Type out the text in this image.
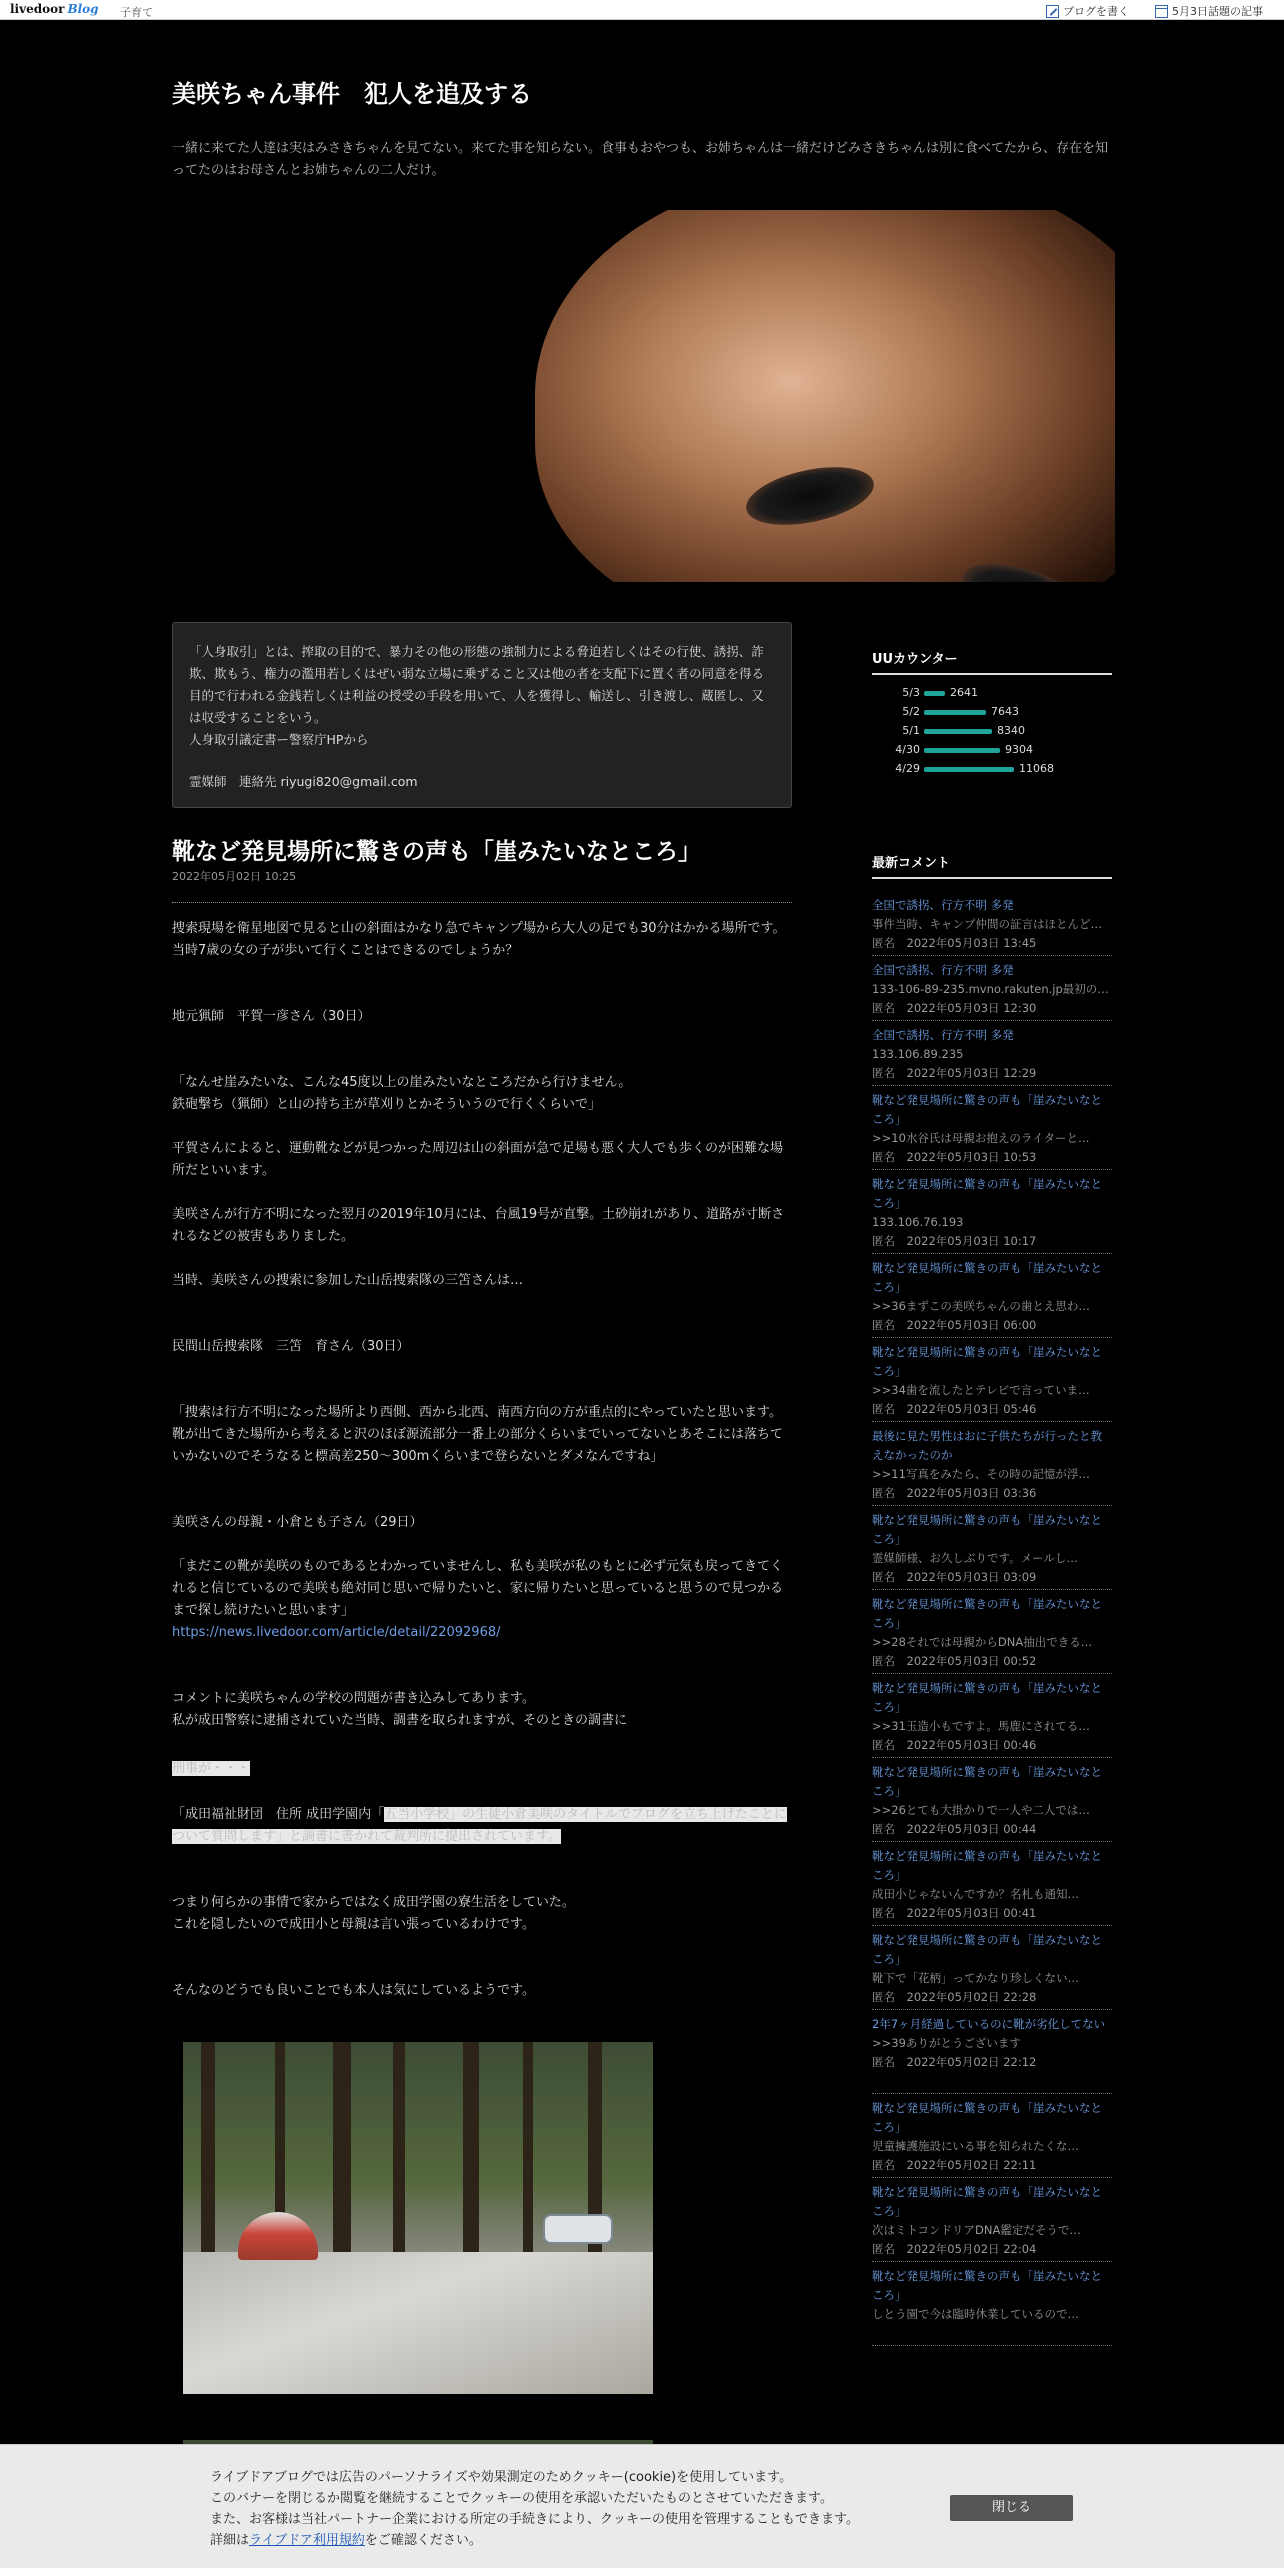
livedoor Blog 子育て	ブログを書く	5月3日話題の記事
美咲ちゃん事件　犯人を追及する
一緒に来てた人達は実はみさきちゃんを見てない。来てた事を知らない。食事もおやつも、お姉ちゃんは一緒だけどみさきちゃんは別に食べてたから、存在を知ってたのはお母さんとお姉ちゃんの二人だけ。

「人身取引」とは、搾取の目的で、暴力その他の形態の強制力による脅迫若しくはその行使、誘拐、詐欺、欺もう、権力の濫用若しくはぜい弱な立場に乗ずること又は他の者を支配下に置く者の同意を得る目的で行われる金銭若しくは利益の授受の手段を用いて、人を獲得し、輸送し、引き渡し、蔵匿し、又は収受することをいう。

人身取引議定書ー警察庁HPから

霊媒師　連絡先 riyugi820@gmail.com

靴など発見場所に驚きの声も「崖みたいなところ」
2022年05月02日 10:25
捜索現場を衛星地図で見ると山の斜面はかなり急でキャンプ場から大人の足でも30分はかかる場所です。当時7歳の女の子が歩いて行くことはできるのでしょうか？
地元猟師　平賀一彦さん（30日）
「なんせ崖みたいな、こんな45度以上の崖みたいなところだから行けません。
鉄砲撃ち（猟師）と山の持ち主が草刈りとかそういうので行くくらいで」
平賀さんによると、運動靴などが見つかった周辺は山の斜面が急で足場も悪く大人でも歩くのが困難な場所だといいます。
美咲さんが行方不明になった翌月の2019年10月には、台風19号が直撃。土砂崩れがあり、道路が寸断されるなどの被害もありました。
当時、美咲さんの捜索に参加した山岳捜索隊の三笘さんは…
民間山岳捜索隊　三笘　育さん（30日）
「捜索は行方不明になった場所より西側、西から北西、南西方向の方が重点的にやっていたと思います。靴が出てきた場所から考えると沢のほぼ源流部分一番上の部分くらいまでいってないとあそこには落ちていかないのでそうなると標高差250～300mくらいまで登らないとダメなんですね」
美咲さんの母親・小倉とも子さん（29日）
「まだこの靴が美咲のものであるとわかっていませんし、私も美咲が私のもとに必ず元気も戻ってきてくれると信じているので美咲も絶対同じ思いで帰りたいと、家に帰りたいと思っていると思うので見つかるまで探し続けたいと思います」
https://news.livedoor.com/article/detail/22092968/
コメントに美咲ちゃんの学校の問題が書き込みしてあります。
私が成田警察に逮捕されていた当時、調書を取られますが、そのときの調書に
刑事が・・・
「成田福祉財団　住所 成田学園内「五当小学校」の生徒小倉美咲のタイトルでブログを立ち上げたことについて質問します」と調書に書かれて裁判所に提出されています。
つまり何らかの事情で家からではなく成田学園の寮生活をしていた。
これを隠したいので成田小と母親は言い張っているわけです。
そんなのどうでも良いことでも本人は気にしているようです。
UUカウンター
5/3	2641
5/2	7643
5/1	8340
4/30	9304
4/29	11068
最新コメント
全国で誘拐、行方不明 多発
事件当時、キャンプ仲間の証言はほとんど…
匿名　2022年05月03日 13:45
全国で誘拐、行方不明 多発
133-106-89-235.mvno.rakuten.jp最初の…
匿名　2022年05月03日 12:30
全国で誘拐、行方不明 多発
133.106.89.235
匿名　2022年05月03日 12:29
靴など発見場所に驚きの声も「崖みたいなところ」
>>10水谷氏は母親お抱えのライターと…
匿名　2022年05月03日 10:53
靴など発見場所に驚きの声も「崖みたいなところ」
133.106.76.193
匿名　2022年05月03日 10:17
靴など発見場所に驚きの声も「崖みたいなところ」
>>36まずこの美咲ちゃんの歯とえ思わ…
匿名　2022年05月03日 06:00
靴など発見場所に驚きの声も「崖みたいなところ」
>>34歯を流したとテレビで言っていま…
匿名　2022年05月03日 05:46
最後に見た男性はおに子供たちが行ったと教えなかったのか
>>11写真をみたら、その時の記憶が浮…
匿名　2022年05月03日 03:36
靴など発見場所に驚きの声も「崖みたいなところ」
霊媒師様、お久しぶりです。メールし…
匿名　2022年05月03日 03:09
靴など発見場所に驚きの声も「崖みたいなところ」
>>28それでは母親からDNA抽出できる…
匿名　2022年05月03日 00:52
靴など発見場所に驚きの声も「崖みたいなところ」
>>31玉造小もですよ。馬鹿にされてる…
匿名　2022年05月03日 00:46
靴など発見場所に驚きの声も「崖みたいなところ」
>>26とても大掛かりで一人や二人では…
匿名　2022年05月03日 00:44
靴など発見場所に驚きの声も「崖みたいなところ」
成田小じゃないんですか？名札も通知…
匿名　2022年05月03日 00:41
靴など発見場所に驚きの声も「崖みたいなところ」
靴下で「花柄」ってかなり珍しくない…
匿名　2022年05月02日 22:28
2年7ヶ月経過しているのに靴が劣化してない
>>39ありがとうございます
匿名　2022年05月02日 22:12
靴など発見場所に驚きの声も「崖みたいなところ」
児童擁護施設にいる事を知られたくな…
匿名　2022年05月02日 22:11
靴など発見場所に驚きの声も「崖みたいなところ」
次はミトコンドリアDNA鑑定だそうで…
匿名　2022年05月02日 22:04
靴など発見場所に驚きの声も「崖みたいなところ」
しとう園で今は臨時休業しているので…
ライブドアブログでは広告のパーソナライズや効果測定のためクッキー(cookie)を使用しています。
このバナーを閉じるか閲覧を継続することでクッキーの使用を承認いただいたものとさせていただきます。
また、お客様は当社パートナー企業における所定の手続きにより、クッキーの使用を管理することもできます。
詳細はライブドア利用規約をご確認ください。
閉じる
